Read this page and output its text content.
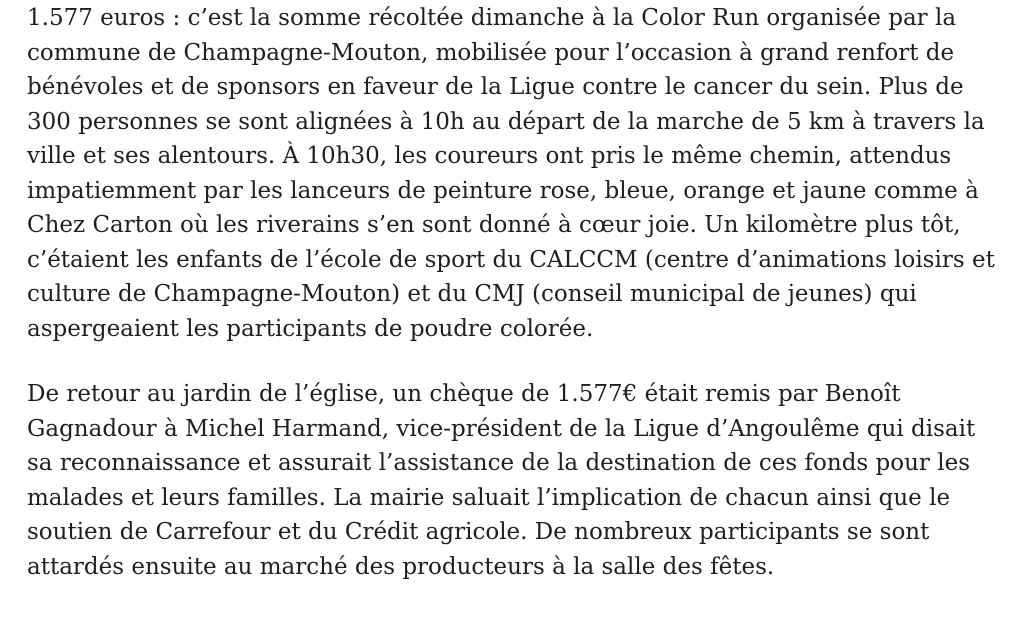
1.577 euros : c’est la somme récoltée dimanche à la Color Run organisée par la
commune de Champagne-Mouton, mobilisée pour l’occasion à grand renfort de
bénévoles et de sponsors en faveur de la Ligue contre le cancer du sein. Plus de
300 personnes se sont alignées à 10h au départ de la marche de 5 km à travers la
ville et ses alentours. À 10h30, les coureurs ont pris le même chemin, attendus
impatiemment par les lanceurs de peinture rose, bleue, orange et jaune comme à
Chez Carton où les riverains s’en sont donné à cœur joie. Un kilomètre plus tôt,
c’étaient les enfants de l’école de sport du CALCCM (centre d’animations loisirs et
culture de Champagne-Mouton) et du CMJ (conseil municipal de jeunes) qui
aspergeaient les participants de poudre colorée.

De retour au jardin de l’église, un chèque de 1.577€ était remis par Benoît
Gagnadour à Michel Harmand, vice-président de la Ligue d’Angoulême qui disait
sa reconnaissance et assurait l’assistance de la destination de ces fonds pour les
malades et leurs familles. La mairie saluait l’implication de chacun ainsi que le
soutien de Carrefour et du Crédit agricole. De nombreux participants se sont
attardés ensuite au marché des producteurs à la salle des fêtes.
